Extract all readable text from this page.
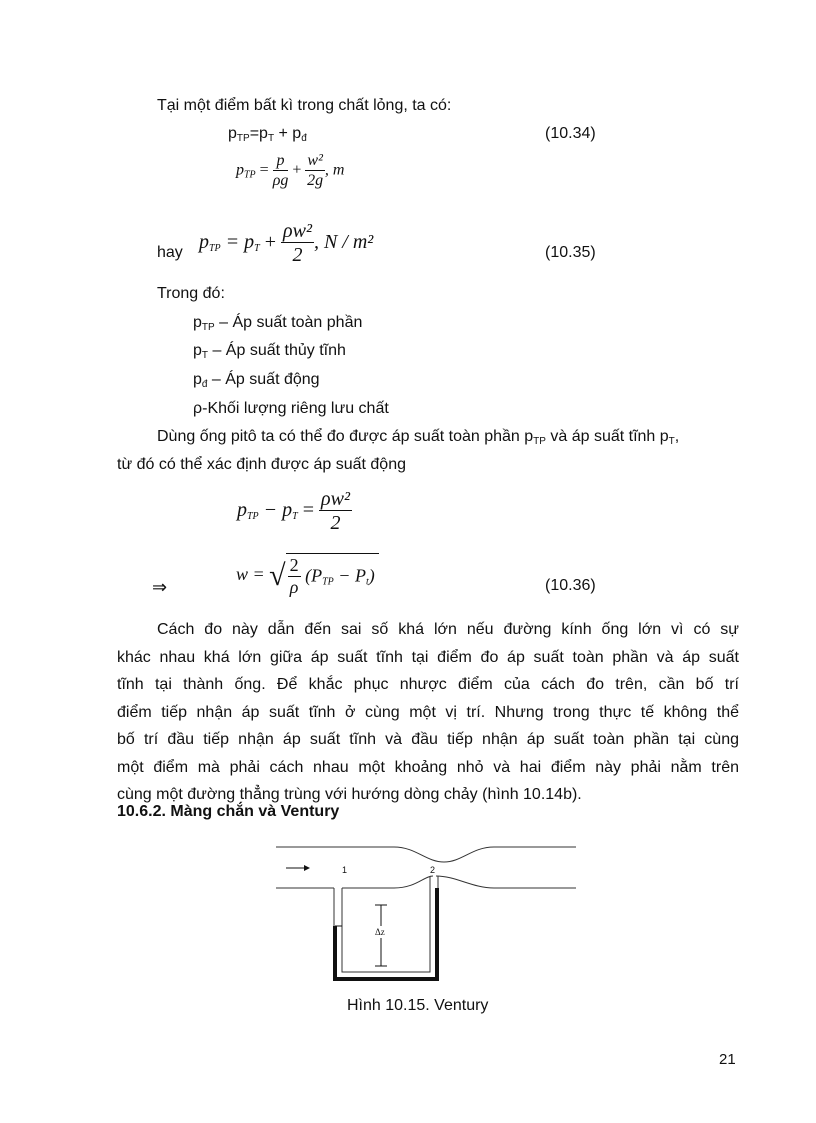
Tại một điểm bất kì trong chất lỏng, ta có:
$p_{TP}=p_T + p_đ$	(10.34)
$p_{TP} = \frac{p}{\rho g} + \frac{\text{w²}}{2g}$ , m
hay $p_{TP} = p_T + \frac{\text{ρw²}}{2}$ , N / m²	(10.35)
Trong đó:
$p_{TP}$ – Áp suất toàn phần
$p_T$ – Áp suất thủy tĩnh
$p_đ$ – Áp suất động
ρ-Khối lượng riêng lưu chất
Dùng ống pitô ta có thể đo được áp suất toàn phần $p_{TP}$ và áp suất tĩnh $p_T$,
từ đó có thể xác định được áp suất động
$p_{TP} - p_T = \frac{\text{ρw²}}{2}$
⇒
w = √ $\frac{2}{\rho} (P_{TP} - P_t)$
(10.36)
Cách đo này dẫn đến sai số khá lớn nếu đường kính ống lớn vì có sự
khác nhau khá lớn giữa áp suất tĩnh tại điểm đo áp suất toàn phần và áp suất
tĩnh tại thành ống. Để khắc phục nhược điểm của cách đo trên, cần bố trí
điểm tiếp nhận áp suất tĩnh ở cùng một vị trí. Nhưng trong thực tế không thể
bố trí đầu tiếp nhận áp suất tĩnh và đầu tiếp nhận áp suất toàn phần tại cùng
một điểm mà phải cách nhau một khoảng nhỏ và hai điểm này phải nằm trên
cùng một đường thẳng trùng với hướng dòng chảy (hình 10.14b).
10.6.2. Màng chắn và Ventury
Δz
1	2
Hình 10.15. Ventury
21
